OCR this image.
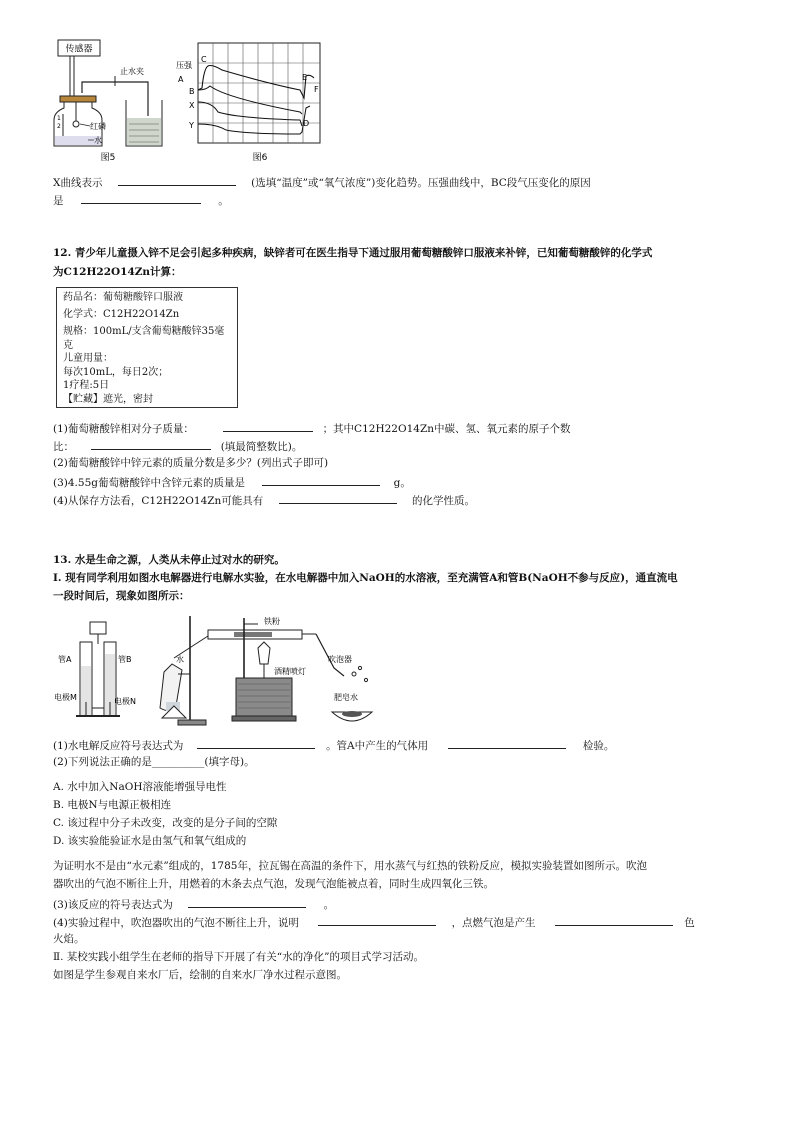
传感器
止水夹
1
2	红磷
水
图5
压强
A
B
C
X
Y
E
F
D
图6
X曲线表示	(选填“温度”或“氧气浓度”)变化趋势。压强曲线中，BC段气压变化的原因
是	。
12. 青少年儿童摄入锌不足会引起多种疾病，缺锌者可在医生指导下通过服用葡萄糖酸锌口服液来补锌，已知葡萄糖酸锌的化学式
为C12H22O14Zn计算：
药品名：葡萄糖酸锌口服液
化学式：C12H22O14Zn
规格：100mL/支含葡萄糖酸锌35毫克
儿童用量：
每次10mL，每日2次；
1疗程:5日
【贮藏】遮光，密封
(1)葡萄糖酸锌相对分子质量：	；其中C12H22O14Zn中碳、氢、氧元素的原子个数
比：	(填最简整数比)。
(2)葡萄糖酸锌中锌元素的质量分数是多少？(列出式子即可)
(3)4.55g葡萄糖酸锌中含锌元素的质量是	g。
(4)从保存方法看，C12H22O14Zn可能具有	的化学性质。
13. 水是生命之源，人类从未停止过对水的研究。
Ⅰ. 现有同学利用如图水电解器进行电解水实验，在水电解器中加入NaOH的水溶液，至充满管A和管B(NaOH不参与反应)，通直流电
一段时间后，现象如图所示：
管A	管B
电极M	电极N
水
铁粉
酒精喷灯
吹泡器
肥皂水
(1)水电解反应符号表达式为	。管A中产生的气体用	检验。
(2)下列说法正确的是__________(填字母)。
A. 水中加入NaOH溶液能增强导电性
B. 电极N与电源正极相连
C. 该过程中分子未改变，改变的是分子间的空隙
D. 该实验能验证水是由氢气和氧气组成的
为证明水不是由“水元素”组成的，1785年，拉瓦锡在高温的条件下，用水蒸气与红热的铁粉反应，模拟实验装置如图所示。吹泡
器吹出的气泡不断往上升，用燃着的木条去点气泡，发现气泡能被点着，同时生成四氧化三铁。
(3)该反应的符号表达式为	。
(4)实验过程中，吹泡器吹出的气泡不断往上升，说明	，点燃气泡是产生	色
火焰。
Ⅱ. 某校实践小组学生在老师的指导下开展了有关“水的净化”的项目式学习活动。
如图是学生参观自来水厂后，绘制的自来水厂净水过程示意图。
